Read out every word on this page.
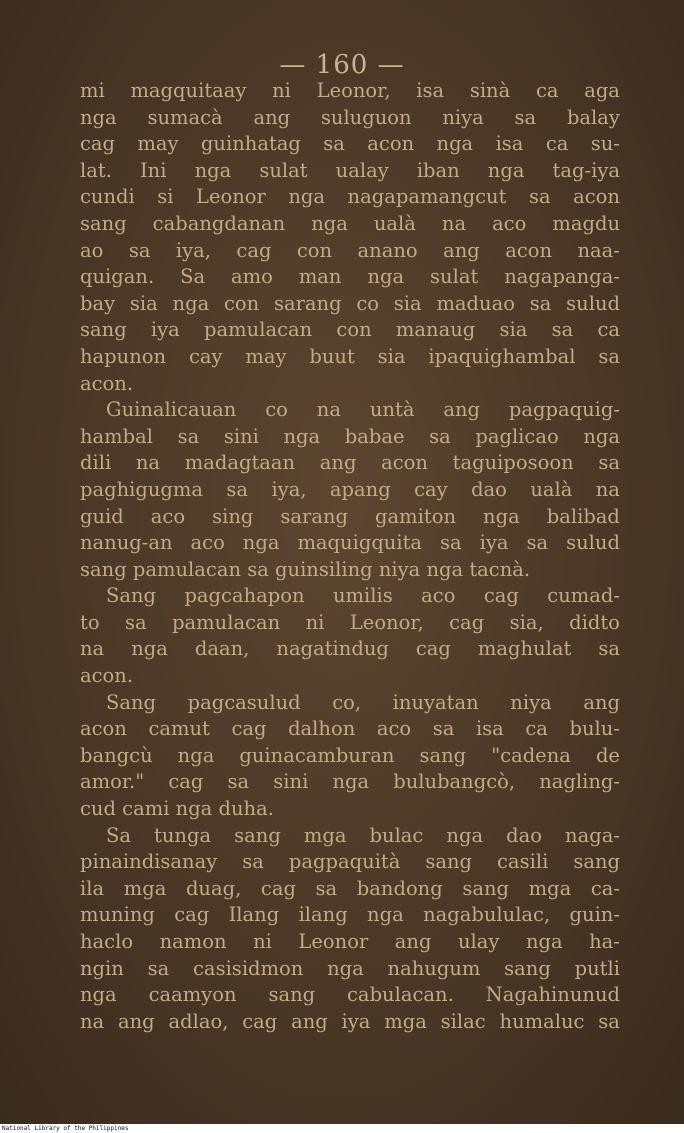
— 160 —
mi magquitaay ni Leonor, isa sinà ca aga
nga sumacà ang suluguon niya sa balay
cag may guinhatag sa acon nga isa ca su-
lat. Ini nga sulat ualay iban nga tag-iya
cundi si Leonor nga nagapamangcut sa acon
sang cabangdanan nga ualà na aco magdu
ao sa iya, cag con anano ang acon naa-
quigan. Sa amo man nga sulat nagapanga-
bay sia nga con sarang co sia maduao sa sulud
sang iya pamulacan con manaug sia sa ca
hapunon cay may buut sia ipaquighambal sa
acon.
Guinalicauan co na untà ang pagpaquig-
hambal sa sini nga babae sa paglicao nga
dili na madagtaan ang acon taguiposoon sa
paghigugma sa iya, apang cay dao ualà na
guid aco sing sarang gamiton nga balibad
nanug-an aco nga maquigquita sa iya sa sulud
sang pamulacan sa guinsiling niya nga tacnà.
Sang pagcahapon umilis aco cag cumad-
to sa pamulacan ni Leonor, cag sia, didto
na nga daan, nagatindug cag maghulat sa
acon.
Sang pagcasulud co, inuyatan niya ang
acon camut cag dalhon aco sa isa ca bulu-
bangcù nga guinacamburan sang "cadena de
amor." cag sa sini nga bulubangcò, nagling-
cud cami nga duha.
Sa tunga sang mga bulac nga dao naga-
pinaindisanay sa pagpaquità sang casili sang
ila mga duag, cag sa bandong sang mga ca-
muning cag Ilang ilang nga nagabululac, guin-
haclo namon ni Leonor ang ulay nga ha-
ngin sa casisidmon nga nahugum sang putli
nga caamyon sang cabulacan. Nagahinunud
na ang adlao, cag ang iya mga silac humaluc sa
National Library of the Philippines
